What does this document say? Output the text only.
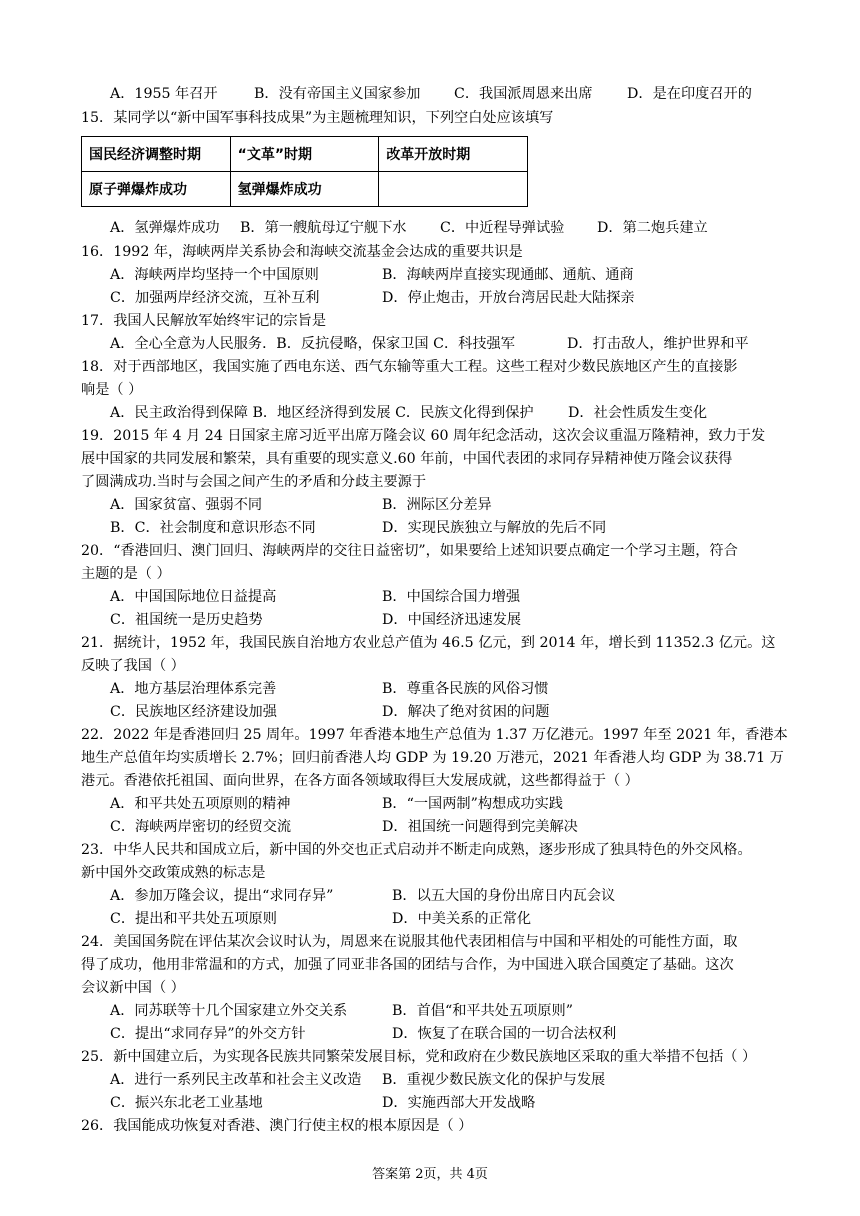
A．1955 年召开	B．没有帝国主义国家参加 C．我国派周恩来出席 D．是在印度召开的
15．某同学以“新中国军事科技成果”为主题梳理知识，下列空白处应该填写
国民经济调整时期	“文革”时期	改革开放时期
原子弹爆炸成功	氢弹爆炸成功	
A．氢弹爆炸成功 B．第一艘航母辽宁舰下水 C．中近程导弹试验 D．第二炮兵建立
16．1992 年，海峡两岸关系协会和海峡交流基金会达成的重要共识是
A．海峡两岸均坚持一个中国原则	B．海峡两岸直接实现通邮、通航、通商
C．加强两岸经济交流，互补互利	D．停止炮击，开放台湾居民赴大陆探亲
17．我国人民解放军始终牢记的宗旨是
A．全心全意为人民服务．B．反抗侵略，保家卫国 C．科技强军	D．打击敌人，维护世界和平
18．对于西部地区，我国实施了西电东送、西气东输等重大工程。这些工程对少数民族地区产生的直接影
响是（ ）
A．民主政治得到保障 B．地区经济得到发展 C．民族文化得到保护 D．社会性质发生变化
19．2015 年 4 月 24 日国家主席习近平出席万隆会议 60 周年纪念活动，这次会议重温万隆精神，致力于发
展中国家的共同发展和繁荣，具有重要的现实意义.60 年前，中国代表团的求同存异精神使万隆会议获得
了圆满成功.当时与会国之间产生的矛盾和分歧主要源于
A．国家贫富、强弱不同	B．洲际区分差异
B．C．社会制度和意识形态不同	D．实现民族独立与解放的先后不同
20．“香港回归、澳门回归、海峡两岸的交往日益密切”，如果要给上述知识要点确定一个学习主题，符合
主题的是（ ）
A．中国国际地位日益提高	B．中国综合国力增强
C．祖国统一是历史趋势	D．中国经济迅速发展
21．据统计，1952 年，我国民族自治地方农业总产值为 46.5 亿元，到 2014 年，增长到 11352.3 亿元。这
反映了我国（ ）
A．地方基层治理体系完善	B．尊重各民族的风俗习惯
C．民族地区经济建设加强	D．解决了绝对贫困的问题
22．2022 年是香港回归 25 周年。1997 年香港本地生产总值为 1.37 万亿港元。1997 年至 2021 年，香港本
地生产总值年均实质增长 2.7%；回归前香港人均 GDP 为 19.20 万港元，2021 年香港人均 GDP 为 38.71 万
港元。香港依托祖国、面向世界，在各方面各领域取得巨大发展成就，这些都得益于（ ）
A．和平共处五项原则的精神	B．“一国两制”构想成功实践
C．海峡两岸密切的经贸交流	D．祖国统一问题得到完美解决
23．中华人民共和国成立后，新中国的外交也正式启动并不断走向成熟，逐步形成了独具特色的外交风格。
新中国外交政策成熟的标志是
A．参加万隆会议，提出“求同存异”	B．以五大国的身份出席日内瓦会议
C．提出和平共处五项原则	D．中美关系的正常化
24．美国国务院在评估某次会议时认为，周恩来在说服其他代表团相信与中国和平相处的可能性方面，取
得了成功，他用非常温和的方式，加强了同亚非各国的团结与合作，为中国进入联合国奠定了基础。这次
会议新中国（ ）
A．同苏联等十几个国家建立外交关系	B．首倡“和平共处五项原则”
C．提出“求同存异”的外交方针	D．恢复了在联合国的一切合法权利
25．新中国建立后，为实现各民族共同繁荣发展目标，党和政府在少数民族地区采取的重大举措不包括（ ）
A．进行一系列民主改革和社会主义改造 B．重视少数民族文化的保护与发展
C．振兴东北老工业基地	D．实施西部大开发战略
26．我国能成功恢复对香港、澳门行使主权的根本原因是（ ）
答案第 2页，共 4页
